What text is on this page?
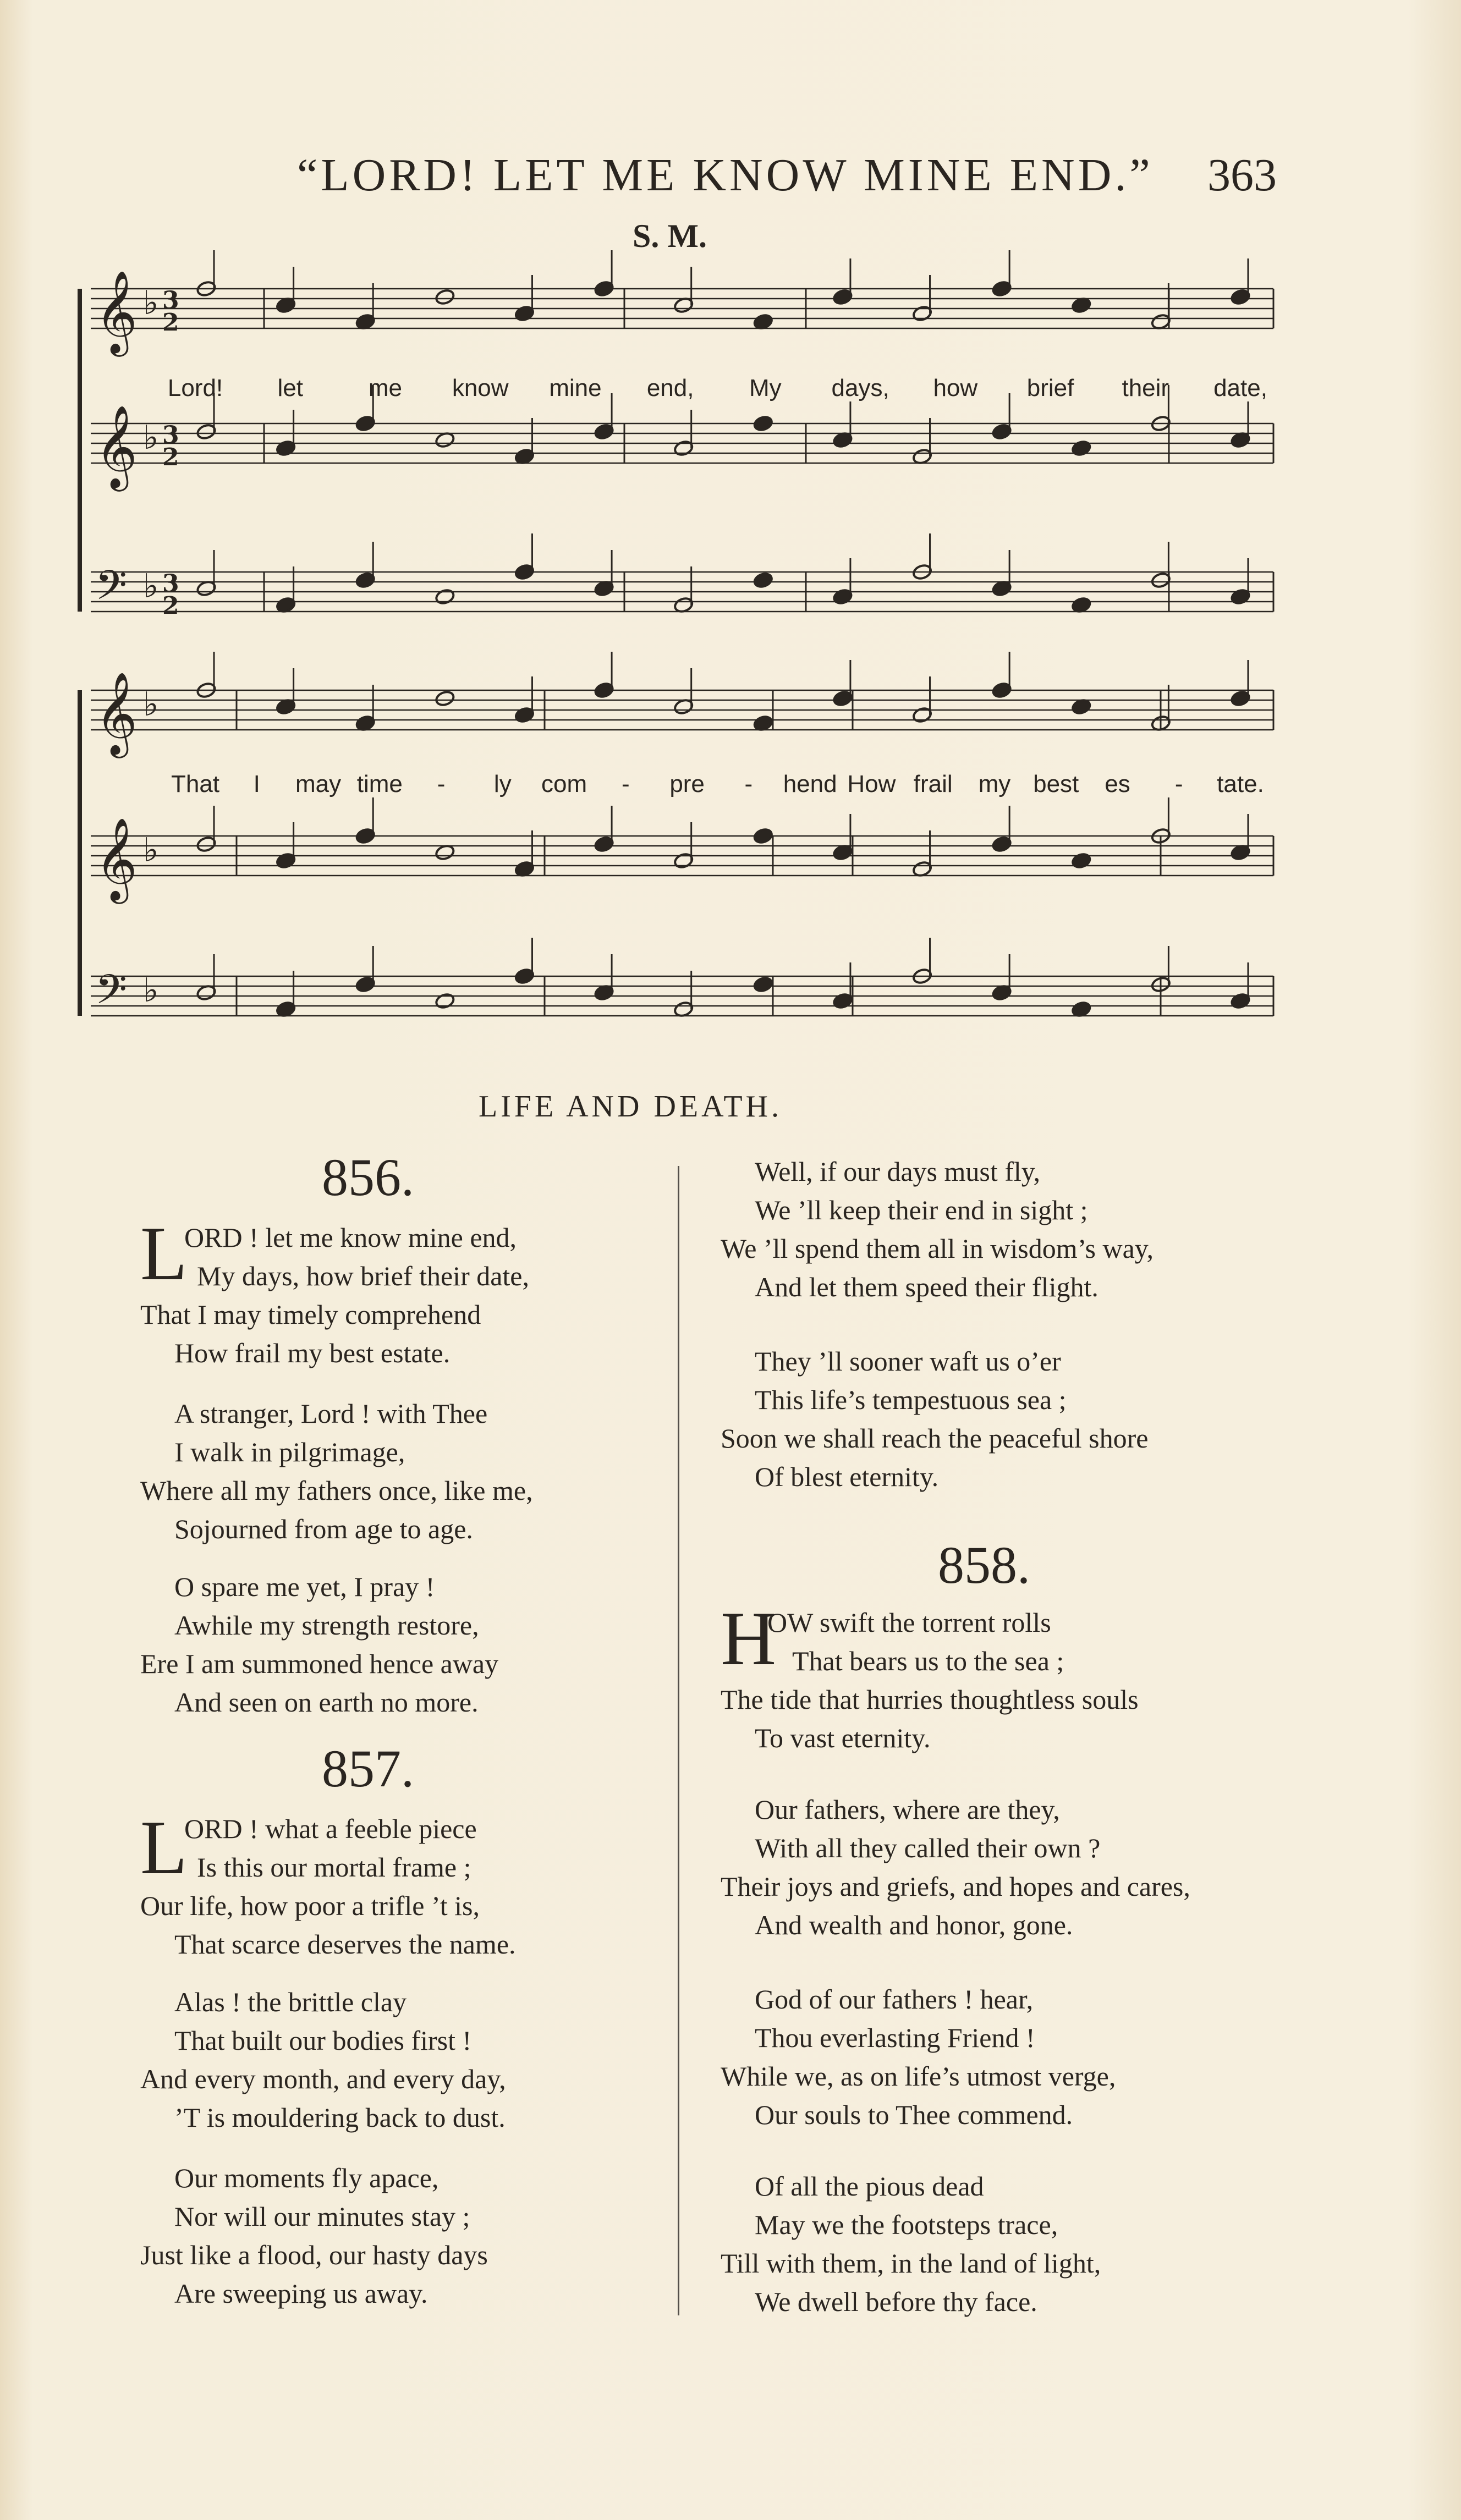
“LORD! LET ME KNOW MINE END.” 363
S. M.
𝄞 ♭ 3
2
𝄞 ♭ 3
2
𝄢 ♭ 3
2
Lord! let	me know mine end, My days, how brief their date,
𝄞 ♭
𝄞 ♭
𝄢 ♭
That I may time - ly com - pre - hend How frail my best es - tate.
LIFE AND DEATH.
856.
L
ORD ! let me know mine end,
My days, how brief their date,
That I may timely comprehend
How frail my best estate.
A stranger, Lord ! with Thee
I walk in pilgrimage,
Where all my fathers once, like me,
Sojourned from age to age.
O spare me yet, I pray !
Awhile my strength restore,
Ere I am summoned hence away
And seen on earth no more.
857.
L
ORD ! what a feeble piece
Is this our mortal frame ;
Our life, how poor a trifle ’t is,
That scarce deserves the name.
Alas ! the brittle clay
That built our bodies first !
And every month, and every day,
’T is mouldering back to dust.
Our moments fly apace,
Nor will our minutes stay ;
Just like a flood, our hasty days
Are sweeping us away.
Well, if our days must fly,
We ’ll keep their end in sight ;
We ’ll spend them all in wisdom’s way,
And let them speed their flight.
They ’ll sooner waft us o’er
This life’s tempestuous sea ;
Soon we shall reach the peaceful shore
Of blest eternity.
858.
H
OW swift the torrent rolls
That bears us to the sea ;
The tide that hurries thoughtless souls
To vast eternity.
Our fathers, where are they,
With all they called their own ?
Their joys and griefs, and hopes and cares,
And wealth and honor, gone.
God of our fathers ! hear,
Thou everlasting Friend !
While we, as on life’s utmost verge,
Our souls to Thee commend.
Of all the pious dead
May we the footsteps trace,
Till with them, in the land of light,
We dwell before thy face.
